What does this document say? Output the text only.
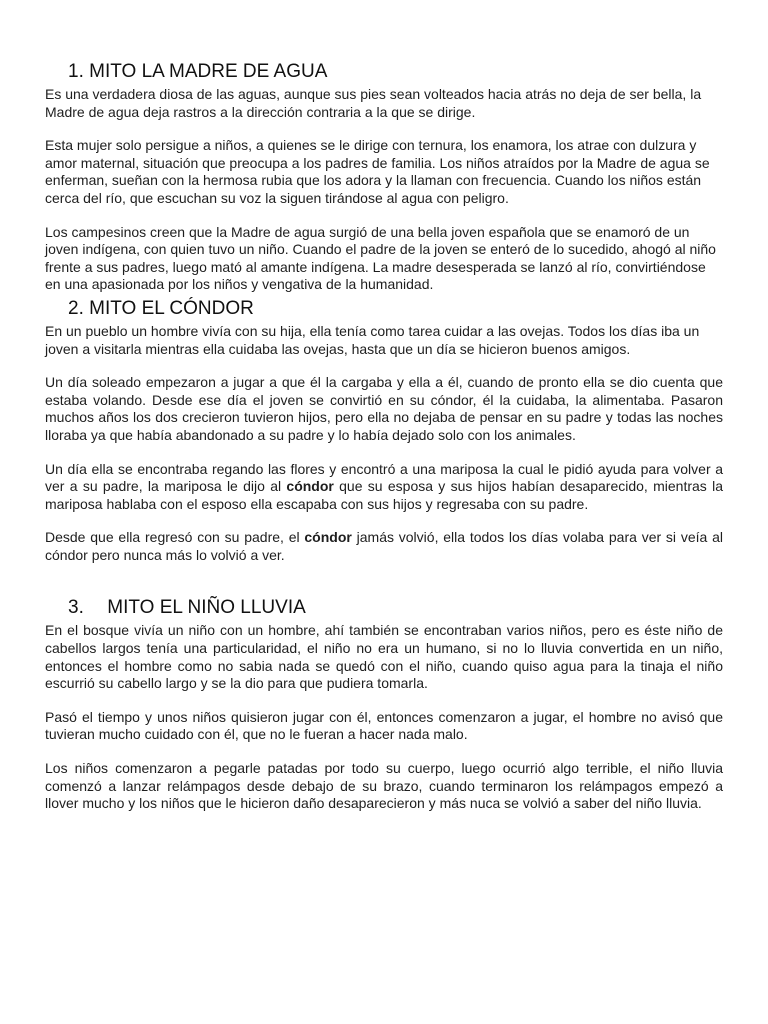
1. MITO LA MADRE DE AGUA

Es una verdadera diosa de las aguas, aunque sus pies sean volteados hacia atrás no deja de ser bella, la Madre de agua deja rastros a la dirección contraria a la que se dirige.

Esta mujer solo persigue a niños, a quienes se le dirige con ternura, los enamora, los atrae con dulzura y amor maternal, situación que preocupa a los padres de familia. Los niños atraídos por la Madre de agua se enferman, sueñan con la hermosa rubia que los adora y la llaman con frecuencia. Cuando los niños están cerca del río, que escuchan su voz la siguen tirándose al agua con peligro.

Los campesinos creen que la Madre de agua surgió de una bella joven española que se enamoró de un joven indígena, con quien tuvo un niño. Cuando el padre de la joven se enteró de lo sucedido, ahogó al niño frente a sus padres, luego mató al amante indígena. La madre desesperada se lanzó al río, convirtiéndose en una apasionada por los niños y vengativa de la humanidad.

2. MITO EL CÓNDOR

En un pueblo un hombre vivía con su hija, ella tenía como tarea cuidar a las ovejas. Todos los días iba un joven a visitarla mientras ella cuidaba las ovejas, hasta que un día se hicieron buenos amigos.

Un día soleado empezaron a jugar a que él la cargaba y ella a él, cuando de pronto ella se dio cuenta que estaba volando. Desde ese día el joven se convirtió en su cóndor, él la cuidaba, la alimentaba. Pasaron muchos años los dos crecieron tuvieron hijos, pero ella no dejaba de pensar en su padre y todas las noches lloraba ya que había abandonado a su padre y lo había dejado solo con los animales.

Un día ella se encontraba regando las flores y encontró a una mariposa la cual le pidió ayuda para volver a ver a su padre, la mariposa le dijo al cóndor que su esposa y sus hijos habían desaparecido, mientras la mariposa hablaba con el esposo ella escapaba con sus hijos y regresaba con su padre.

Desde que ella regresó con su padre, el cóndor jamás volvió, ella todos los días volaba para ver si veía al cóndor pero nunca más lo volvió a ver.

3. MITO EL NIÑO LLUVIA

En el bosque vivía un niño con un hombre, ahí también se encontraban varios niños, pero es éste niño de cabellos largos tenía una particularidad, el niño no era un humano, si no lo lluvia convertida en un niño, entonces el hombre como no sabia nada se quedó con el niño, cuando quiso agua para la tinaja el niño escurrió su cabello largo y se la dio para que pudiera tomarla.

Pasó el tiempo y unos niños quisieron jugar con él, entonces comenzaron a jugar, el hombre no avisó que tuvieran mucho cuidado con él, que no le fueran a hacer nada malo.

Los niños comenzaron a pegarle patadas por todo su cuerpo, luego ocurrió algo terrible, el niño lluvia comenzó a lanzar relámpagos desde debajo de su brazo, cuando terminaron los relámpagos empezó a llover mucho y los niños que le hicieron daño desaparecieron y más nuca se volvió a saber del niño lluvia.
